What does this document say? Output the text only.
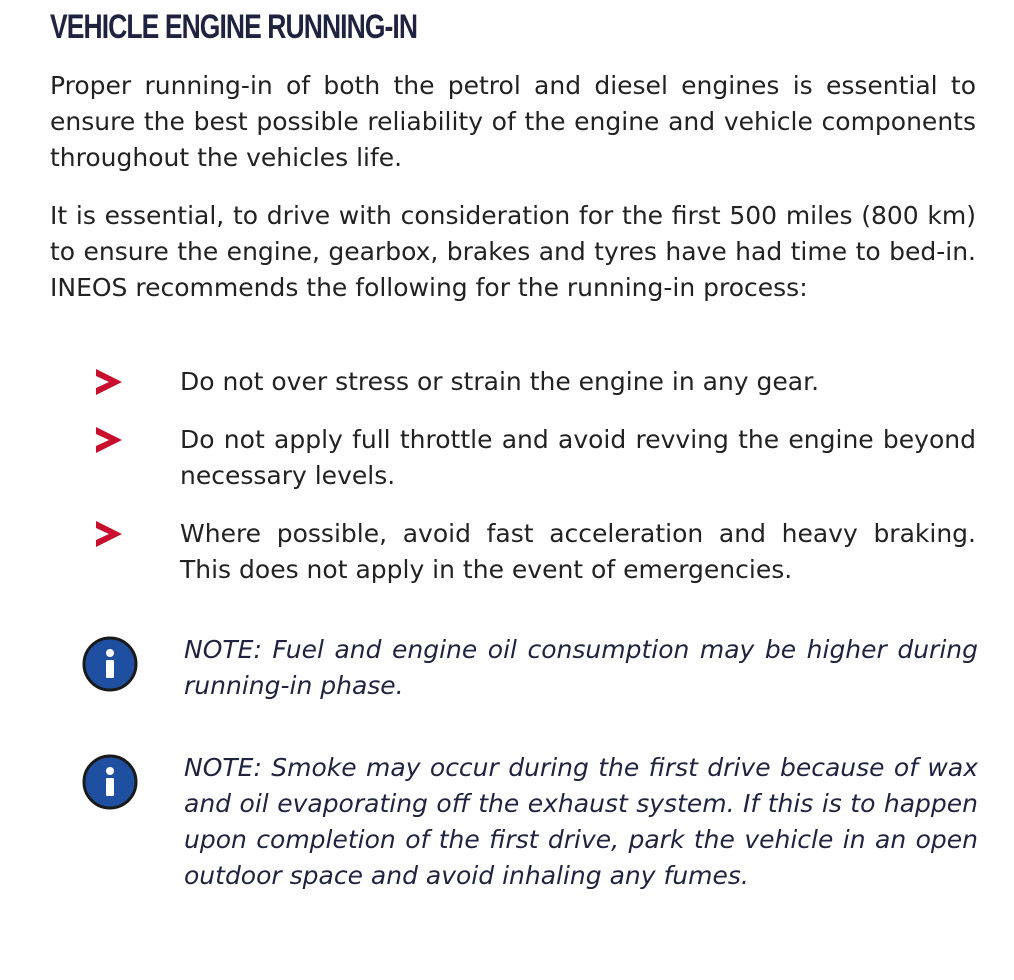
VEHICLE ENGINE RUNNING-IN
Proper running-in of both the petrol and diesel engines is essential to ensure the best possible reliability of the engine and vehicle components throughout the vehicles life.
It is essential, to drive with consideration for the first 500 miles (800 km) to ensure the engine, gearbox, brakes and tyres have had time to bed-in. INEOS recommends the following for the running-in process:
Do not over stress or strain the engine in any gear.
Do not apply full throttle and avoid revving the engine beyond necessary levels.
Where possible, avoid fast acceleration and heavy braking. This does not apply in the event of emergencies.
NOTE: Fuel and engine oil consumption may be higher during running-in phase.
NOTE: Smoke may occur during the first drive because of wax and oil evaporating off the exhaust system. If this is to happen upon completion of the first drive, park the vehicle in an open outdoor space and avoid inhaling any fumes.
